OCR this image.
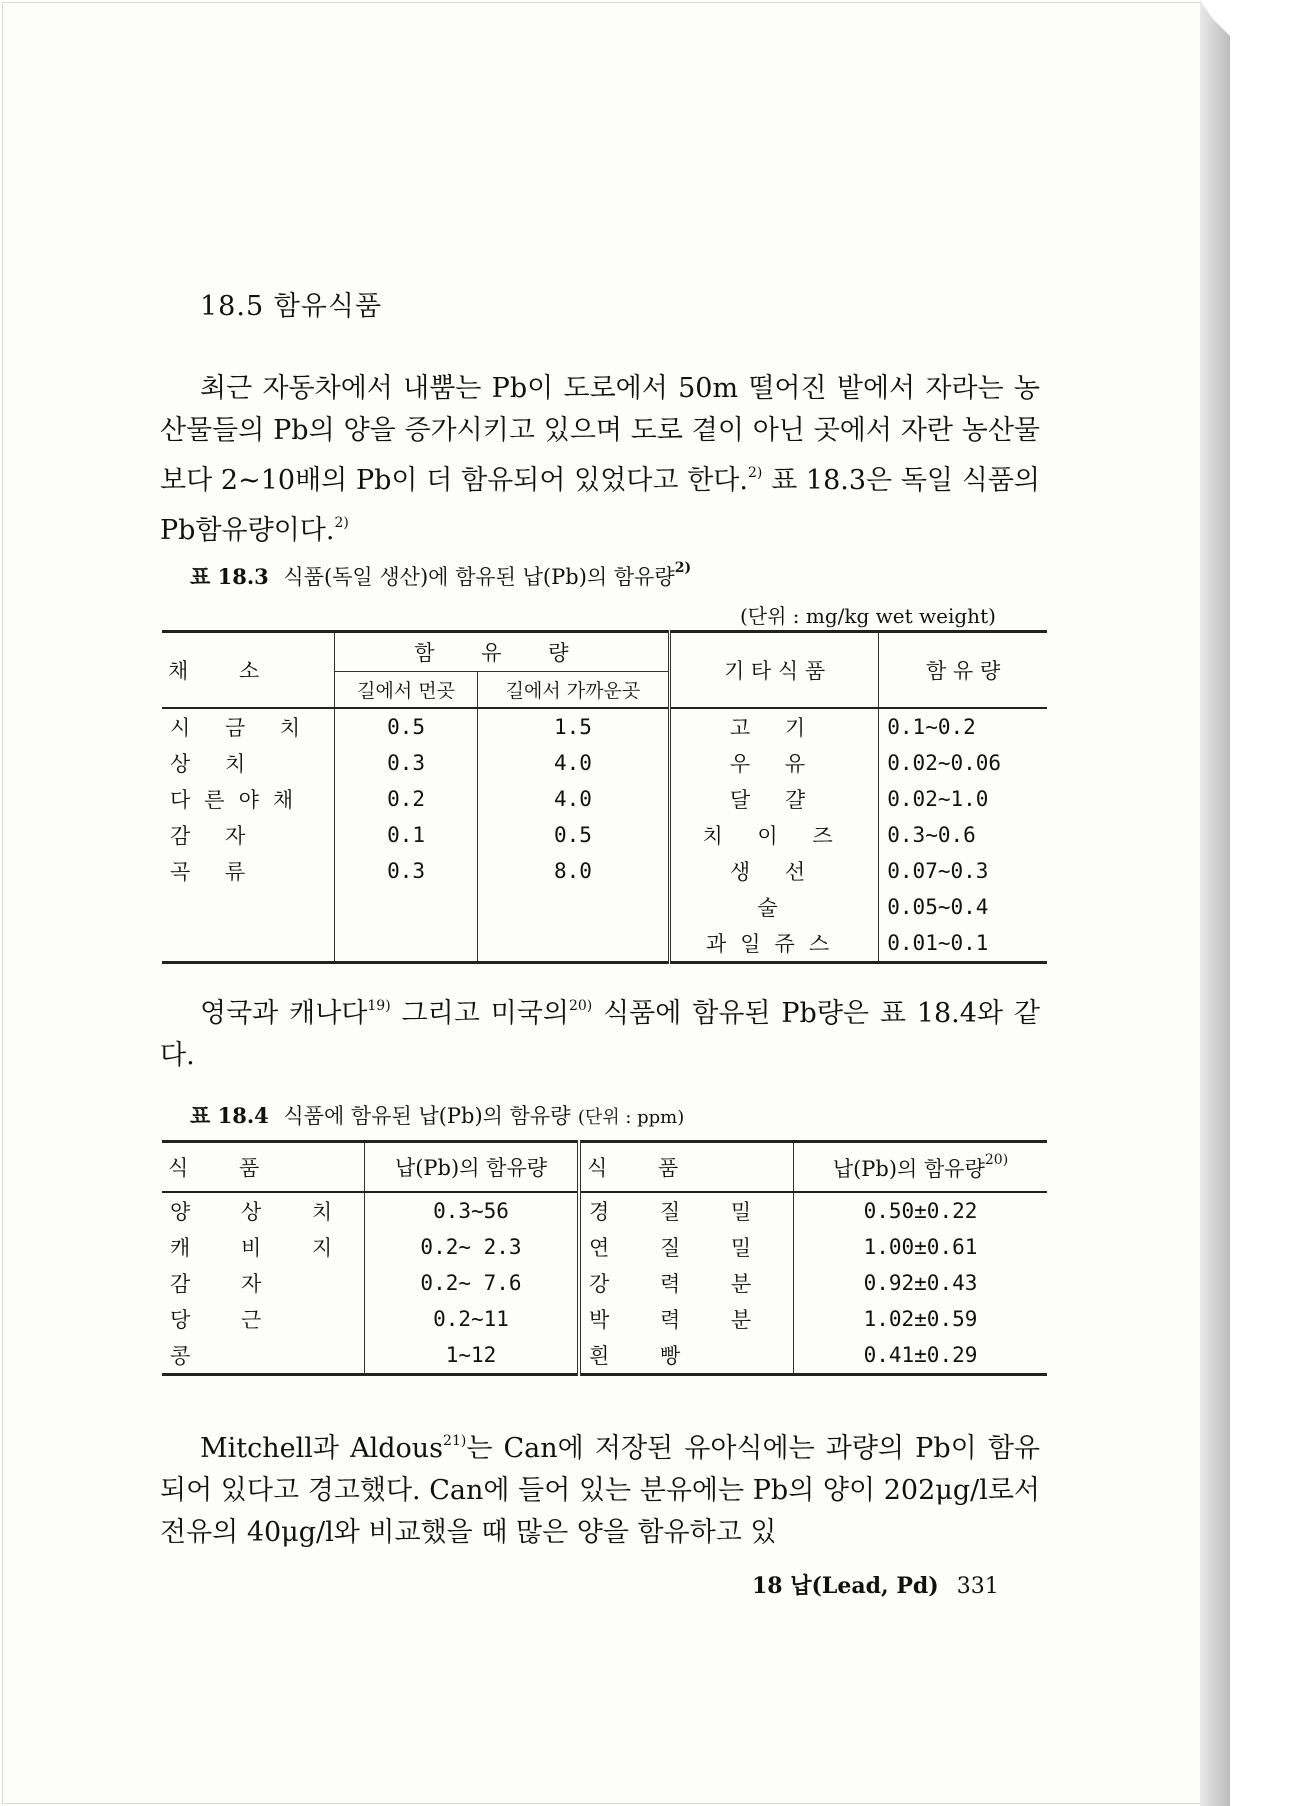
18.5 함유식품

최근 자동차에서 내뿜는 Pb이 도로에서 50m 떨어진 밭에서 자라는 농산물들의 Pb의 양을 증가시키고 있으며 도로 곁이 아닌 곳에서 자란 농산물보다 2~10배의 Pb이 더 함유되어 있었다고 한다.$^{2)}$ 표 18.3은 독일 식품의 Pb함유량이다.$^{2)}$

표 18.3 식품(독일 생산)에 함유된 납(Pb)의 함유량$^{2)}$
(단위 : mg/kg wet weight)
채 소	함 유 량		기 타 식 품	함 유 량
	길에서 먼곳	길에서 가까운곳		
시 금 치	0.5	1.5	고 기	0.1~0.2
상 치	0.3	4.0	우 유	0.02~0.06
다른야채	0.2	4.0	달 걀	0.02~1.0
감 자	0.1	0.5	치 이 즈	0.3~0.6
곡 류	0.3	8.0	생 선	0.07~0.3
			술	0.05~0.4
			과일쥬스	0.01~0.1

영국과 캐나다$^{19)}$ 그리고 미국의$^{20)}$ 식품에 함유된 Pb량은 표 18.4와 같다.

표 18.4 식품에 함유된 납(Pb)의 함유량 (단위 : ppm)
식 품	납(Pb)의 함유량	식 품	납(Pb)의 함유량$^{20)}$
양 상 치	0.3~56	경 질 밀	0.50±0.22
캐 비 지	0.2~ 2.3	연 질 밀	1.00±0.61
감 자	0.2~ 7.6	강 력 분	0.92±0.43
당 근	0.2~11	박 력 분	1.02±0.59
콩	1~12	흰 빵	0.41±0.29

Mitchell과 Aldous$^{21)}$는 Can에 저장된 유아식에는 과량의 Pb이 함유되어 있다고 경고했다. Can에 들어 있는 분유에는 Pb의 양이 202μg/l로서 전유의 40μg/l와 비교했을 때 많은 양을 함유하고 있

18 납(Lead, Pd) 331
